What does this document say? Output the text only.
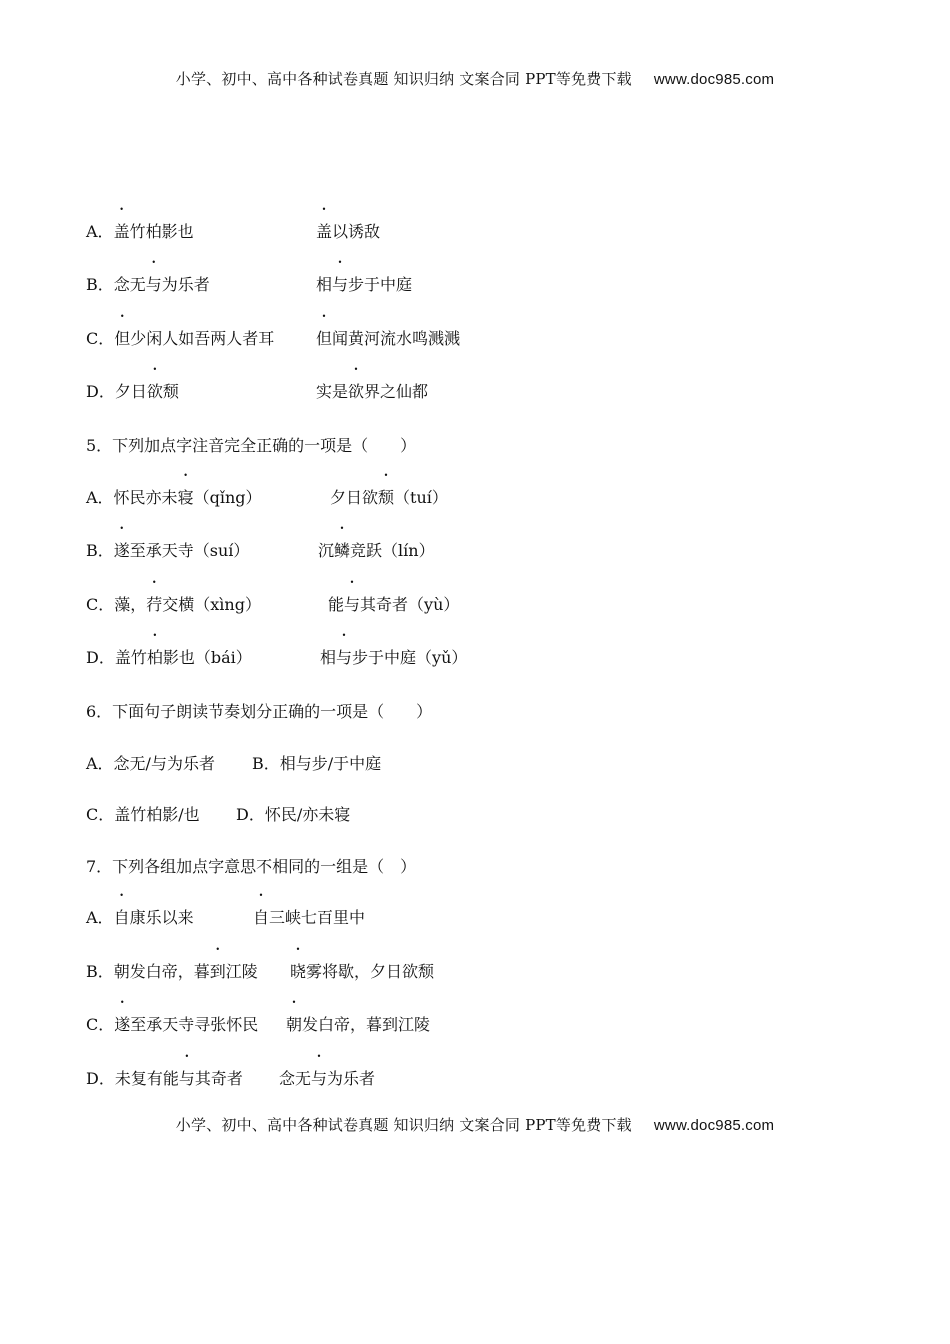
小学、初中、高中各种试卷真题 知识归纳 文案合同 PPT等免费下载 www.doc985.com
A．盖竹柏影也	盖以诱敌
B．念无与为乐者	相与步于中庭
C．但少闲人如吾两人者耳	但闻黄河流水鸣溅溅
D．夕日欲颓	实是欲界之仙都
5．下列加点字注音完全正确的一项是（　　）
A．怀民亦未寝（qǐng）	夕日欲颓（tuí）
B．遂至承天寺（suí）	沉鳞竞跃（lín）
C．藻，荇交横（xìng）	能与其奇者（yù）
D．盖竹柏影也（bái）	相与步于中庭（yǔ）
6．下面句子朗读节奏划分正确的一项是（　　）
A．念无/与为乐者 B．相与步/于中庭
C．盖竹柏影/也 D．怀民/亦未寝
7．下列各组加点字意思不相同的一组是（　）
A．自康乐以来	自三峡七百里中
B．朝发白帝，暮到江陵 晓雾将歇，夕日欲颓
C．遂至承天寺寻张怀民 朝发白帝，暮到江陵
D．未复有能与其奇者 念无与为乐者
小学、初中、高中各种试卷真题 知识归纳 文案合同 PPT等免费下载 www.doc985.com
